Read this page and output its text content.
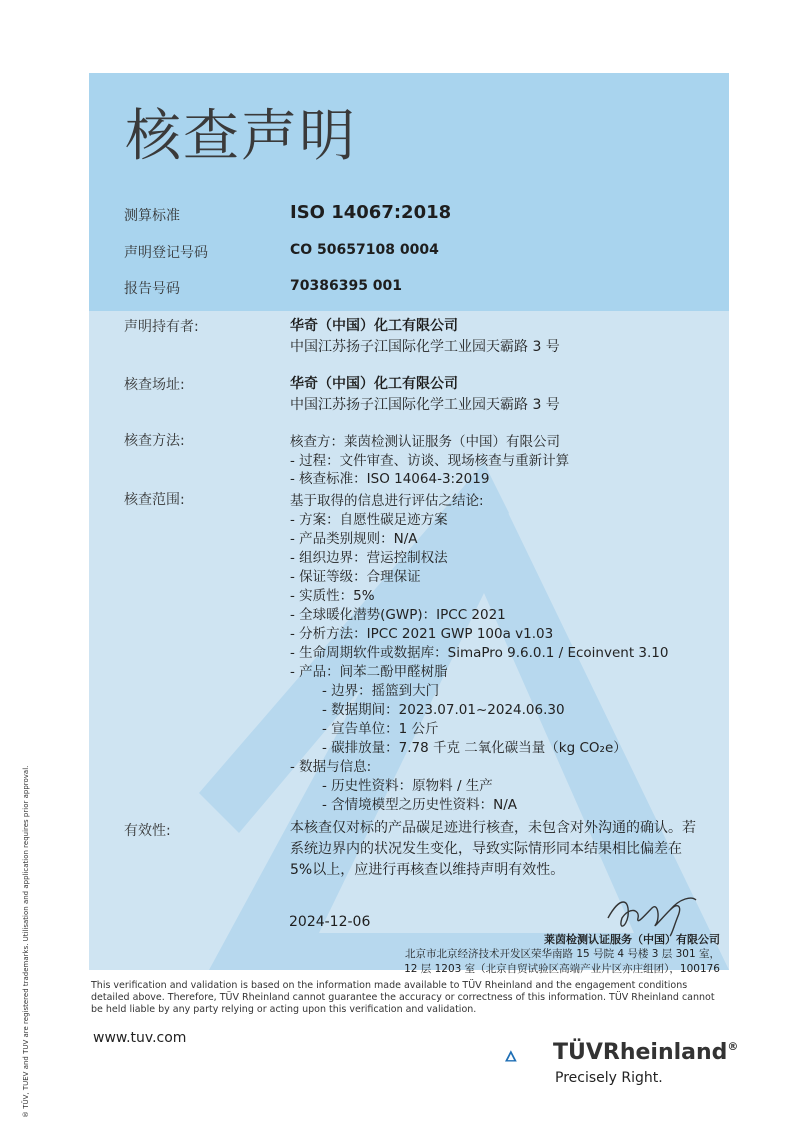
核查声明
测算标准	ISO 14067:2018
声明登记号码	CO 50657108 0004
报告号码	70386395 001
声明持有者:	华奇（中国）化工有限公司
中国江苏扬子江国际化学工业园天霸路 3 号
核查场址:	华奇（中国）化工有限公司
中国江苏扬子江国际化学工业园天霸路 3 号
核查方法:	核查方：莱茵检测认证服务（中国）有限公司
- 过程：文件审查、访谈、现场核查与重新计算
- 核查标准：ISO 14064-3:2019
核查范围:	基于取得的信息进行评估之结论:
- 方案：自愿性碳足迹方案
- 产品类别规则：N/A
- 组织边界：营运控制权法
- 保证等级：合理保证
- 实质性：5%
- 全球暖化潜势(GWP)：IPCC 2021
- 分析方法：IPCC 2021 GWP 100a v1.03
- 生命周期软件或数据库：SimaPro 9.6.0.1 / Ecoinvent 3.10
- 产品：间苯二酚甲醛树脂
- 边界：摇篮到大门
- 数据期间：2023.07.01~2024.06.30
- 宣告单位：1 公斤
- 碳排放量：7.78 千克 二氧化碳当量（kg CO₂e）
- 数据与信息:
- 历史性资料：原物料 / 生产
- 含情境模型之历史性资料：N/A
有效性:	本核查仅对标的产品碳足迹进行核查，未包含对外沟通的确认。若
系统边界内的状况发生变化，导致实际情形同本结果相比偏差在
5%以上，应进行再核查以维持声明有效性。
2024-12-06
莱茵检测认证服务（中国）有限公司
北京市北京经济技术开发区荣华南路 15 号院 4 号楼 3 层 301 室，
12 层 1203 室（北京自贸试验区高端产业片区亦庄组团），100176
This verification and validation is based on the information made available to TÜV Rheinland and the engagement conditions detailed above. Therefore, TÜV Rheinland cannot guarantee the accuracy or correctness of this information. TÜV Rheinland cannot be held liable by any party relying or acting upon this verification and validation.
www.tuv.com
TÜVRheinland®
Precisely Right.
® TÜV, TUEV and TUV are registered trademarks. Utilisation and application requires prior approval.
